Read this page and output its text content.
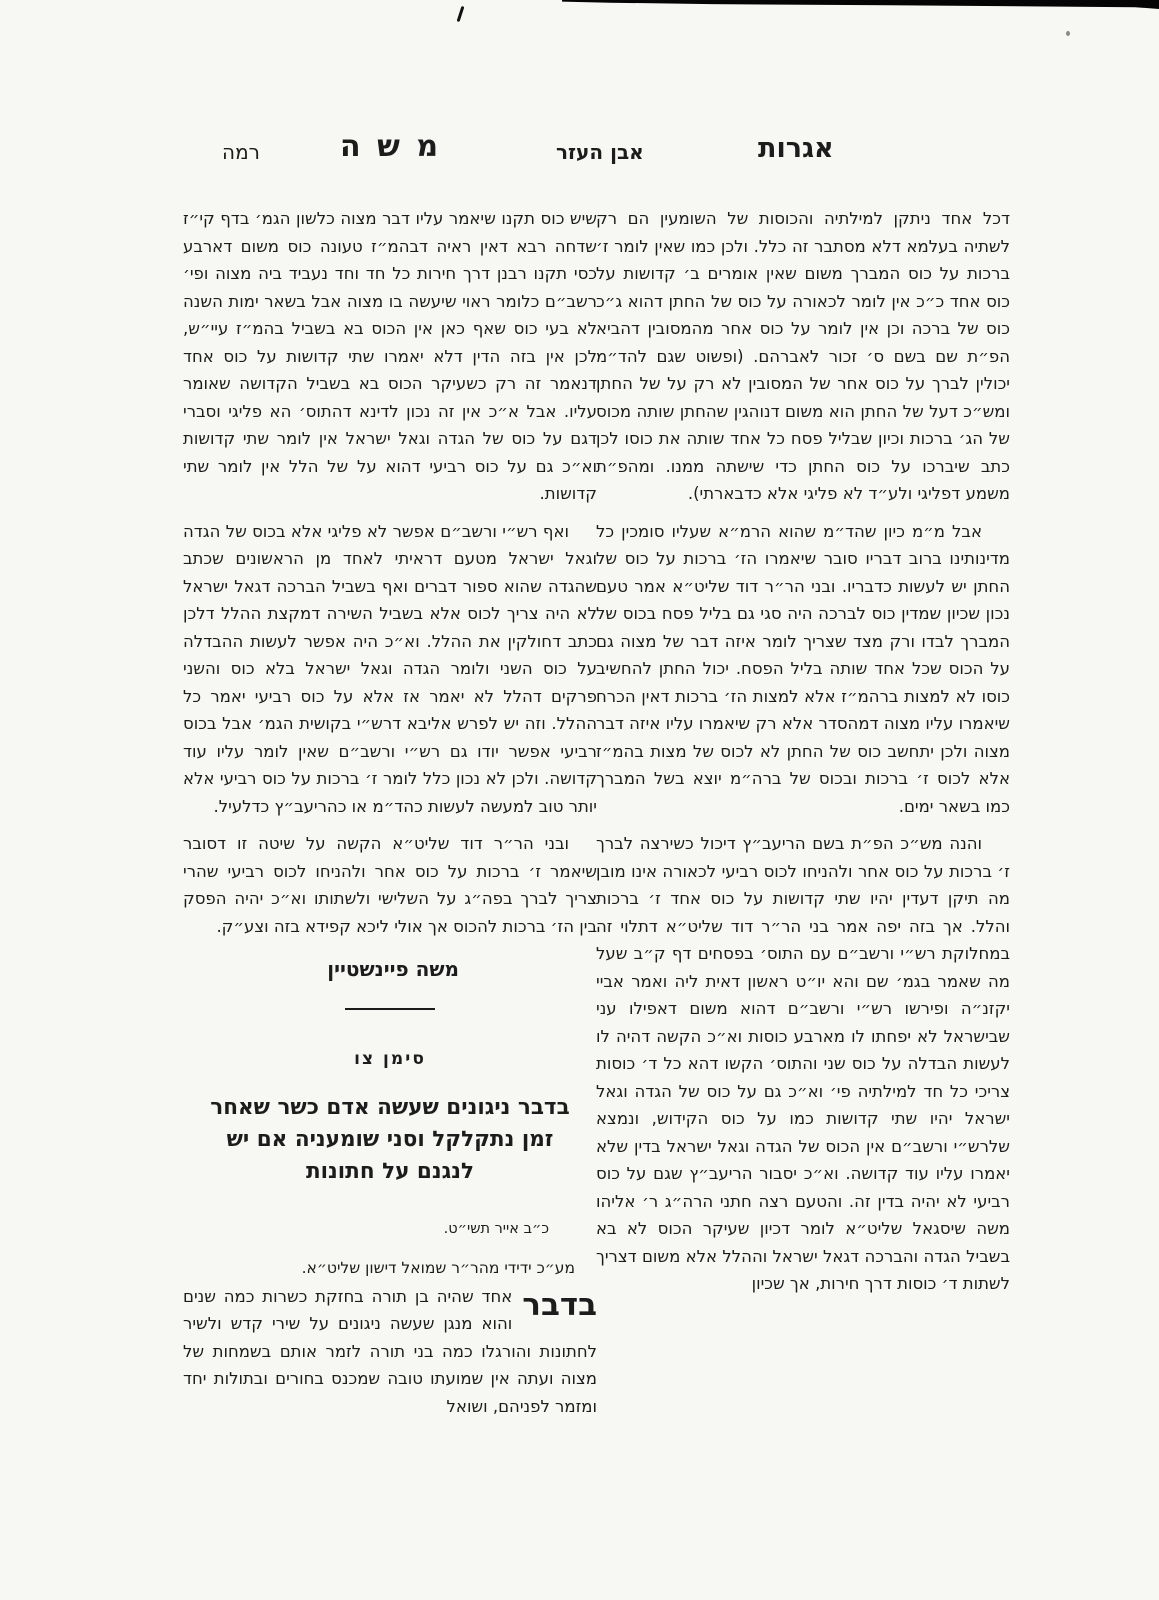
אגרות
אבן העזר
משה
רמה

דכל אחד ניתקן למילתיה והכוסות של השומעין הם רק לשתיה בעלמא דלא מסתבר זה כלל. ולכן כמו שאין לומר ז׳ ברכות על כוס המברך משום שאין אומרים ב׳ קדושות על כוס אחד כ״כ אין לומר לכאורה על כוס של החתן דהוא ג״כ כוס של ברכה וכן אין לומר על כוס אחר מהמסובין דהביא הפ״ת שם בשם ס׳ זכור לאברהם. (ופשוט שגם להד״מ יכולין לברך על כוס אחר של המסובין לא רק על של החתן ומש״כ דעל של החתן הוא משום דנוהגין שהחתן שותה מכוס של הג׳ ברכות וכיון שבליל פסח כל אחד שותה את כוסו לכן כתב שיברכו על כוס החתן כדי שישתה ממנו. ומהפ״ת משמע דפליגי ולע״ד לא פליגי אלא כדבארתי).

אבל מ״מ כיון שהד״מ שהוא הרמ״א שעליו סומכין כל מדינותינו ברוב דבריו סובר שיאמרו הז׳ ברכות על כוס של החתן יש לעשות כדבריו. ובני הר״ר דוד שליט״א אמר טעם נכון שכיון שמדין כוס לברכה היה סגי גם בליל פסח בכוס של המברך לבדו ורק מצד שצריך לומר איזה דבר של מצוה גם על הכוס שכל אחד שותה בליל הפסח. יכול החתן להחשיב כוסו לא למצות ברהמ״ז אלא למצות הז׳ ברכות דאין הכרח שיאמרו עליו מצוה דמהסדר אלא רק שיאמרו עליו איזה דבר מצוה ולכן יתחשב כוס של החתן לא לכוס של מצות בהמ״ז אלא לכוס ז׳ ברכות ובכוס של ברה״מ יוצא בשל המברך כמו בשאר ימים.

והנה מש״כ הפ״ת בשם הריעב״ץ דיכול כשירצה לברך ז׳ ברכות על כוס אחר ולהניחו לכוס רביעי לכאורה אינו מובן מה תיקן דעדין יהיו שתי קדושות על כוס אחד ז׳ ברכות והלל. אך בזה יפה אמר בני הר״ר דוד שליט״א דתלוי זה במחלוקת רש״י ורשב״ם עם התוס׳ בפסחים דף ק״ב שעל מה שאמר בגמ׳ שם והא יו״ט ראשון דאית ליה ואמר אביי יקזנ״ה ופירשו רש״י ורשב״ם דהוא משום דאפילו עני שבישראל לא יפחתו לו מארבע כוסות וא״כ הקשה דהיה לו לעשות הבדלה על כוס שני והתוס׳ הקשו דהא כל ד׳ כוסות צריכי כל חד למילתיה פי׳ וא״כ גם על כוס של הגדה וגאל ישראל יהיו שתי קדושות כמו על כוס הקידוש, ונמצא שלרש״י ורשב״ם אין הכוס של הגדה וגאל ישראל בדין שלא יאמרו עליו עוד קדושה. וא״כ יסבור הריעב״ץ שגם על כוס רביעי לא יהיה בדין זה. והטעם רצה חתני הרה״ג ר׳ אליהו משה שיסגאל שליט״א לומר דכיון שעיקר הכוס לא בא בשביל הגדה והברכה דגאל ישראל וההלל אלא משום דצריך לשתות ד׳ כוסות דרך חירות, אך שכיון

שיש כוס תקנו שיאמר עליו דבר מצוה כלשון הגמ׳ בדף קי״ז שדחה רבא דאין ראיה דבהמ״ז טעונה כוס משום דארבע כסי תקנו רבנן דרך חירות כל חד וחד נעביד ביה מצוה ופי׳ רשב״ם כלומר ראוי שיעשה בו מצוה אבל בשאר ימות השנה לא בעי כוס שאף כאן אין הכוס בא בשביל בהמ״ז עיי״ש, לכן אין בזה הדין דלא יאמרו שתי קדושות על כוס אחד דנאמר זה רק כשעיקר הכוס בא בשביל הקדושה שאומר עליו. אבל א״כ אין זה נכון לדינא דהתוס׳ הא פליגי וסברי דגם על כוס של הגדה וגאל ישראל אין לומר שתי קדושות וא״כ גם על כוס רביעי דהוא על של הלל אין לומר שתי קדושות.

ואף רש״י ורשב״ם אפשר לא פליגי אלא בכוס של הגדה וגאל ישראל מטעם דראיתי לאחד מן הראשונים שכתב שהגדה שהוא ספור דברים ואף בשביל הברכה דגאל ישראל לא היה צריך לכוס אלא בשביל השירה דמקצת ההלל דלכן כתב דחולקין את ההלל. וא״כ היה אפשר לעשות ההבדלה על כוס השני ולומר הגדה וגאל ישראל בלא כוס והשני פרקים דהלל לא יאמר אז אלא על כוס רביעי יאמר כל ההלל. וזה יש לפרש אליבא דרש״י בקושית הגמ׳ אבל בכוס רביעי אפשר יודו גם רש״י ורשב״ם שאין לומר עליו עוד קדושה. ולכן לא נכון כלל לומר ז׳ ברכות על כוס רביעי אלא יותר טוב למעשה לעשות כהד״מ או כהריעב״ץ כדלעיל.

ובני הר״ר דוד שליט״א הקשה על שיטה זו דסובר שיאמר ז׳ ברכות על כוס אחר ולהניחו לכוס רביעי שהרי צריך לברך בפה״ג על השלישי ולשתותו וא״כ יהיה הפסק בין הז׳ ברכות להכוס אך אולי ליכא קפידא בזה וצע״ק.

משה פיינשטיין
סימן צו
בדבר ניגונים שעשה אדם כשר שאחר
זמן נתקלקל וסני שומעניה אם יש
לנגנם על חתונות
כ״ב אייר תשי״ט.
מע״כ ידידי מהר״ר שמואל דישון שליט״א.

בדבר
אחד שהיה בן תורה בחזקת כשרות כמה שנים והוא מנגן שעשה ניגונים על שירי קדש ולשיר לחתונות והורגלו כמה בני תורה לזמר אותם בשמחות של מצוה ועתה אין שמועתו טובה שמכנס בחורים ובתולות יחד ומזמר לפניהם, ושואל
